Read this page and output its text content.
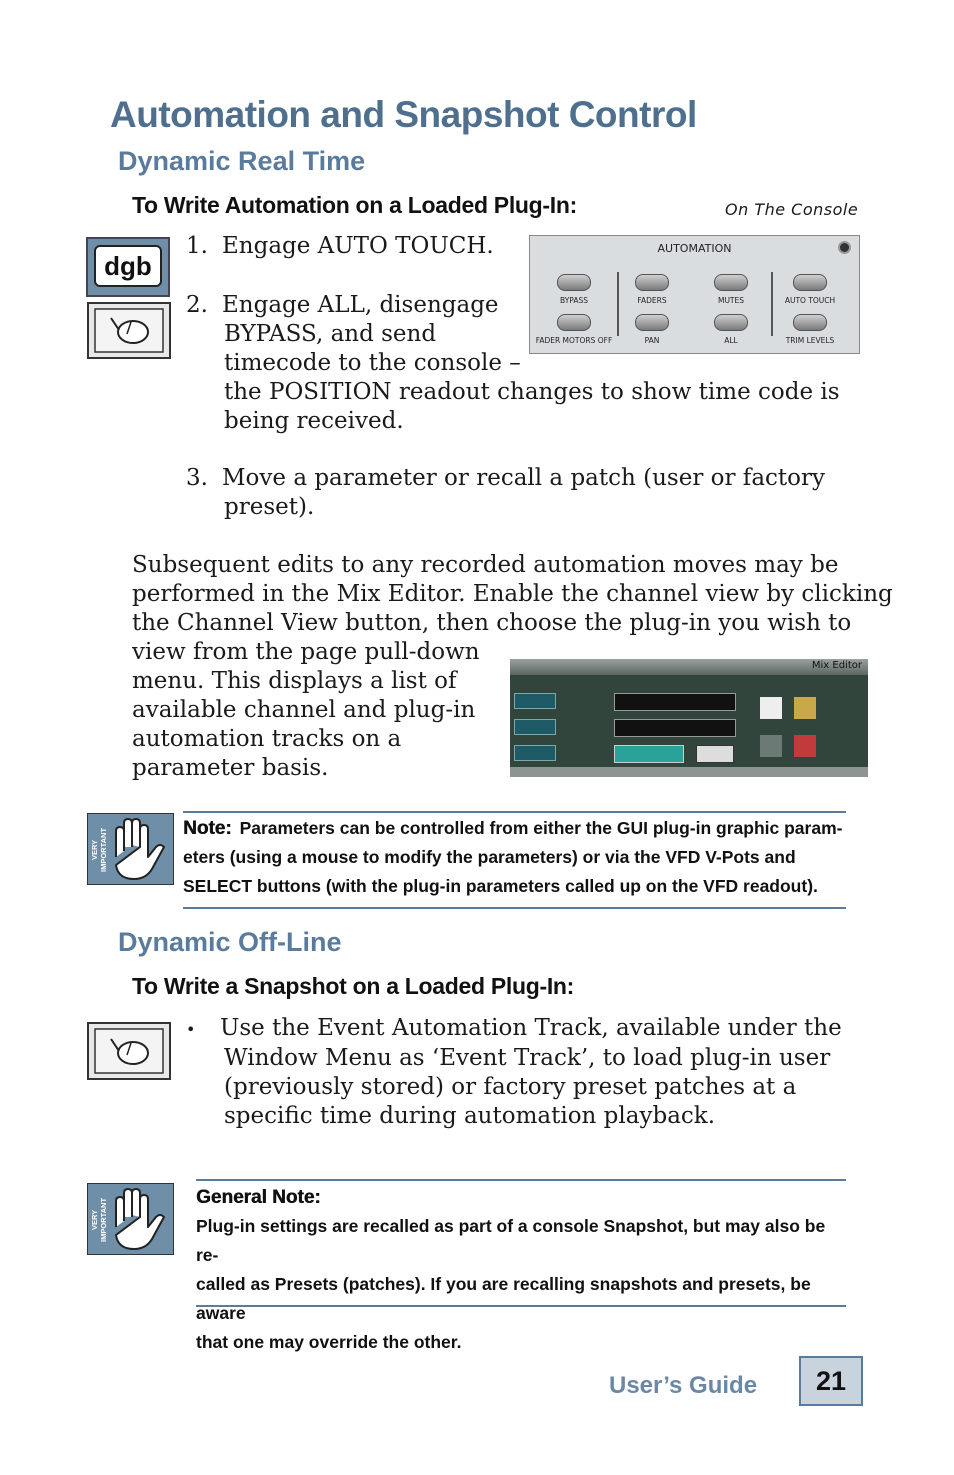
Automation and Snapshot Control
Dynamic Real Time
To Write Automation on a Loaded Plug-In:	On The Console
dgb
1. Engage AUTO TOUCH.
2. Engage ALL, disengage
BYPASS, and send
timecode to the console –
the POSITION readout changes to show time code is
being received.
3. Move a parameter or recall a patch (user or factory
preset).
AUTOMATION
BYPASS	FADERS	MUTES	AUTO TOUCH
FADER MOTORS OFF	PAN	ALL	TRIM LEVELS
Subsequent edits to any recorded automation moves may be
performed in the Mix Editor. Enable the channel view by clicking
the Channel View button, then choose the plug-in you wish to
view from the page pull-down
menu. This displays a list of
available channel and plug-in
automation tracks on a
parameter basis.
Mix Editor
VERY IMPORTANT	Note: Parameters can be controlled from either the GUI plug-in graphic param-
eters (using a mouse to modify the parameters) or via the VFD V-Pots and
SELECT buttons (with the plug-in parameters called up on the VFD readout).
Dynamic Off-Line
To Write a Snapshot on a Loaded Plug-In:
• Use the Event Automation Track, available under the
Window Menu as ‘Event Track’, to load plug-in user
(previously stored) or factory preset patches at a
specific time during automation playback.
VERY IMPORTANT
General Note:
Plug-in settings are recalled as part of a console Snapshot, but may also be re-
called as Presets (patches). If you are recalling snapshots and presets, be aware
that one may override the other.
User’s Guide	21
